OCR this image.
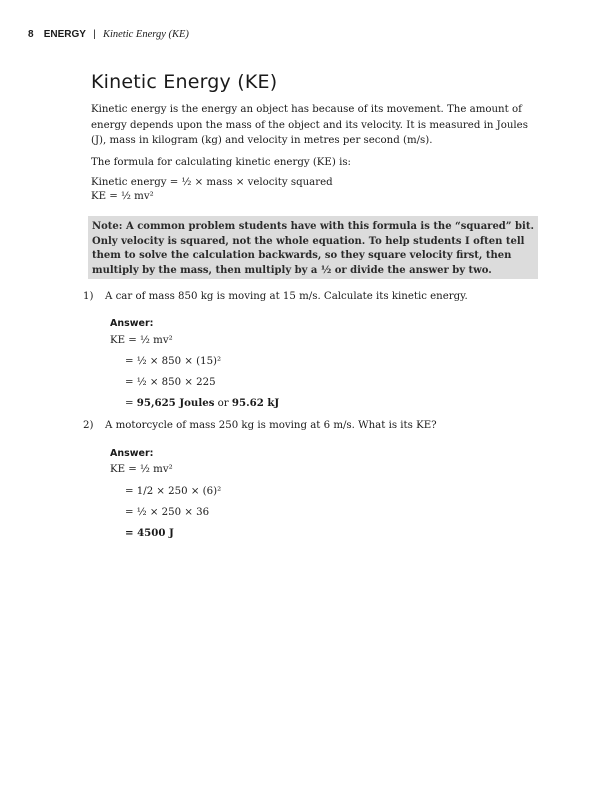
8 ENERGY | Kinetic Energy (KE)
Kinetic Energy (KE)

Kinetic energy is the energy an object has because of its movement. The amount of energy depends upon the mass of the object and its velocity. It is measured in Joules (J), mass in kilogram (kg) and velocity in metres per second (m/s).

The formula for calculating kinetic energy (KE) is:

Kinetic energy = ½ × mass × velocity squared

KE = ½ mv²

Note: A common problem students have with this formula is the “squared” bit. Only velocity is squared, not the whole equation. To help students I often tell them to solve the calculation backwards, so they square velocity first, then multiply by the mass, then multiply by a ½ or divide the answer by two.
1) A car of mass 850 kg is moving at 15 m/s. Calculate its kinetic energy.
Answer:
KE = ½ mv²
= ½ × 850 × (15)²
= ½ × 850 × 225
= 95,625 Joules or 95.62 kJ
2) A motorcycle of mass 250 kg is moving at 6 m/s. What is its KE?
Answer:
KE = ½ mv²
= 1/2 × 250 × (6)²
= ½ × 250 × 36
= 4500 J
